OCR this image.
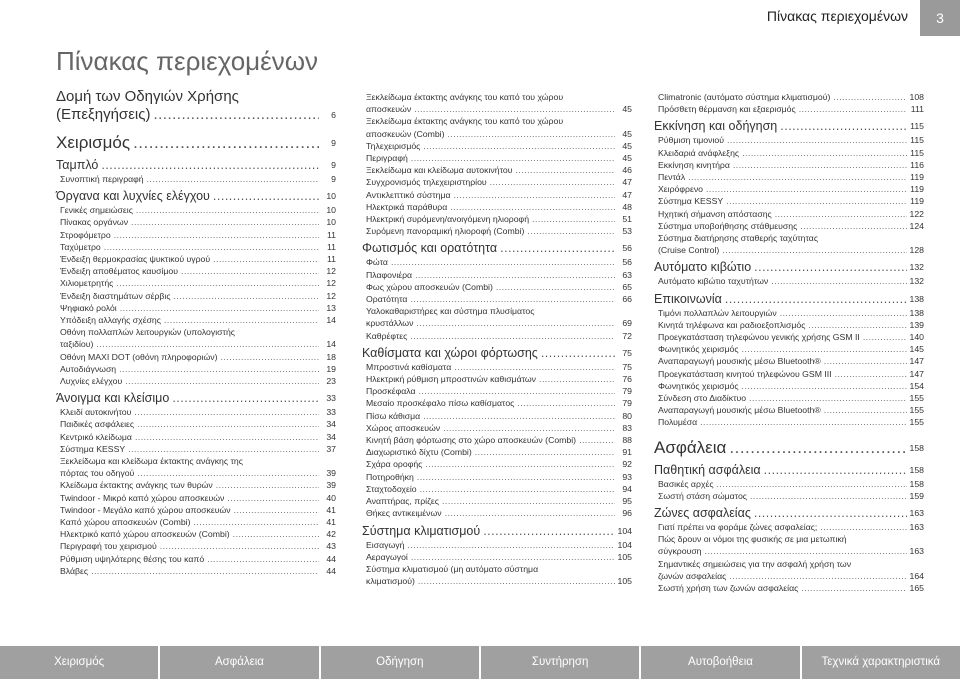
Πίνακας περιεχομένων	3
Πίνακας περιεχομένων
Δομή των Οδηγιών Χρήσης
(Επεξηγήσεις) .....	6
Χειρισμός .....	9
Ταμπλό .....	9
Συνοπτική περιγραφή .....	9
Όργανα και λυχνίες ελέγχου .....	10
Γενικές σημειώσεις .....	10
Πίνακας οργάνων .....	10
Στροφόμετρο .....	11
Ταχύμετρο .....	11
Ένδειξη θερμοκρασίας ψυκτικού υγρού .....	11
Ένδειξη αποθέματος καυσίμου .....	12
Χιλιομετρητής .....	12
Ένδειξη διαστημάτων σέρβις .....	12
Ψηφιακό ρολόι .....	13
Υπόδειξη αλλαγής σχέσης .....	14
Οθόνη πολλαπλών λειτουργιών (υπολογιστής
ταξιδίου) .....	14
Οθόνη MAXI DOT (οθόνη πληροφοριών) .....	18
Αυτοδιάγνωση .....	19
Λυχνίες ελέγχου .....	23
Άνοιγμα και κλείσιμο .....	33
Κλειδί αυτοκινήτου .....	33
Παιδικές ασφάλειες .....	34
Κεντρικό κλείδωμα .....	34
Σύστημα KESSY .....	37
Ξεκλείδωμα και κλείδωμα έκτακτης ανάγκης της
πόρτας του οδηγού .....	39
Κλείδωμα έκτακτης ανάγκης των θυρών .....	39
Twindoor - Μικρό καπό χώρου αποσκευών .....	40
Twindoor - Μεγάλο καπό χώρου αποσκευών .....	41
Καπό χώρου αποσκευών (Combi) .....	41
Ηλεκτρικό καπό χώρου αποσκευών (Combi) .....	42
Περιγραφή του χειρισμού .....	43
Ρύθμιση υψηλότερης θέσης του καπό .....	44
Βλάβες .....	44
Ξεκλείδωμα έκτακτης ανάγκης του καπό του χώρου
αποσκευών .....	45
Ξεκλείδωμα έκτακτης ανάγκης του καπό του χώρου
αποσκευών (Combi) .....	45
Τηλεχειρισμός .....	45
Περιγραφή .....	45
Ξεκλείδωμα και κλείδωμα αυτοκινήτου .....	46
Συγχρονισμός τηλεχειριστηρίου .....	47
Αντικλεπτικό σύστημα .....	47
Ηλεκτρικά παράθυρα .....	48
Ηλεκτρική συρόμενη/ανοιγόμενη ηλιοροφή .....	51
Συρόμενη πανοραμική ηλιοροφή (Combi) .....	53
Φωτισμός και ορατότητα .....	56
Φώτα .....	56
Πλαφονιέρα .....	63
Φως χώρου αποσκευών (Combi) .....	65
Ορατότητα .....	66
Υαλοκαθαριστήρες και σύστημα πλυσίματος
κρυστάλλων .....	69
Καθρέφτες .....	72
Καθίσματα και χώροι φόρτωσης .....	75
Μπροστινά καθίσματα .....	75
Ηλεκτρική ρύθμιση μπροστινών καθισμάτων .....	76
Προσκέφαλα .....	79
Μεσαίο προσκέφαλο πίσω καθίσματος .....	79
Πίσω κάθισμα .....	80
Χώρος αποσκευών .....	83
Κινητή βάση φόρτωσης στο χώρο αποσκευών (Combi) .....	88
Διαχωριστικό δίχτυ (Combi) .....	91
Σχάρα οροφής .....	92
Ποτηροθήκη .....	93
Σταχτοδοχείο .....	94
Αναπτήρας, πρίζες .....	95
Θήκες αντικειμένων .....	96
Σύστημα κλιματισμού .....	104
Εισαγωγή .....	104
Αεραγωγοί .....	105
Σύστημα κλιματισμού (μη αυτόματο σύστημα
κλιματισμού) .....	105
Climatronic (αυτόματο σύστημα κλιματισμού) .....	108
Πρόσθετη θέρμανση και εξαερισμός .....	111
Εκκίνηση και οδήγηση .....	115
Ρύθμιση τιμονιού .....	115
Κλειδαριά ανάφλεξης .....	115
Εκκίνηση κινητήρα .....	116
Πεντάλ .....	119
Χειρόφρενο .....	119
Σύστημα KESSY .....	119
Ηχητική σήμανση απόστασης .....	122
Σύστημα υποβοήθησης στάθμευσης .....	124
Σύστημα διατήρησης σταθερής ταχύτητας
(Cruise Control) .....	128
Αυτόματο κιβώτιο .....	132
Αυτόματο κιβώτιο ταχυτήτων .....	132
Επικοινωνία .....	138
Τιμόνι πολλαπλών λειτουργιών .....	138
Κινητά τηλέφωνα και ραδιοεξοπλισμός .....	139
Προεγκατάσταση τηλεφώνου γενικής χρήσης GSM II .....	140
Φωνητικός χειρισμός .....	145
Αναπαραγωγή μουσικής μέσω Bluetooth® .....	147
Προεγκατάσταση κινητού τηλεφώνου GSM III .....	147
Φωνητικός χειρισμός .....	154
Σύνδεση στο Διαδίκτυο .....	155
Αναπαραγωγή μουσικής μέσω Bluetooth® .....	155
Πολυμέσα .....	155
Ασφάλεια .....	158
Παθητική ασφάλεια .....	158
Βασικές αρχές .....	158
Σωστή στάση σώματος .....	159
Ζώνες ασφαλείας .....	163
Γιατί πρέπει να φοράμε ζώνες ασφαλείας; .....	163
Πώς δρουν οι νόμοι της φυσικής σε μια μετωπική
σύγκρουση .....	163
Σημαντικές σημειώσεις για την ασφαλή χρήση των
ζωνών ασφαλείας .....	164
Σωστή χρήση των ζωνών ασφαλείας .....	165
Χειρισμός	Ασφάλεια	Οδήγηση	Συντήρηση	Αυτοβοήθεια	Τεχνικά χαρακτηριστικά
